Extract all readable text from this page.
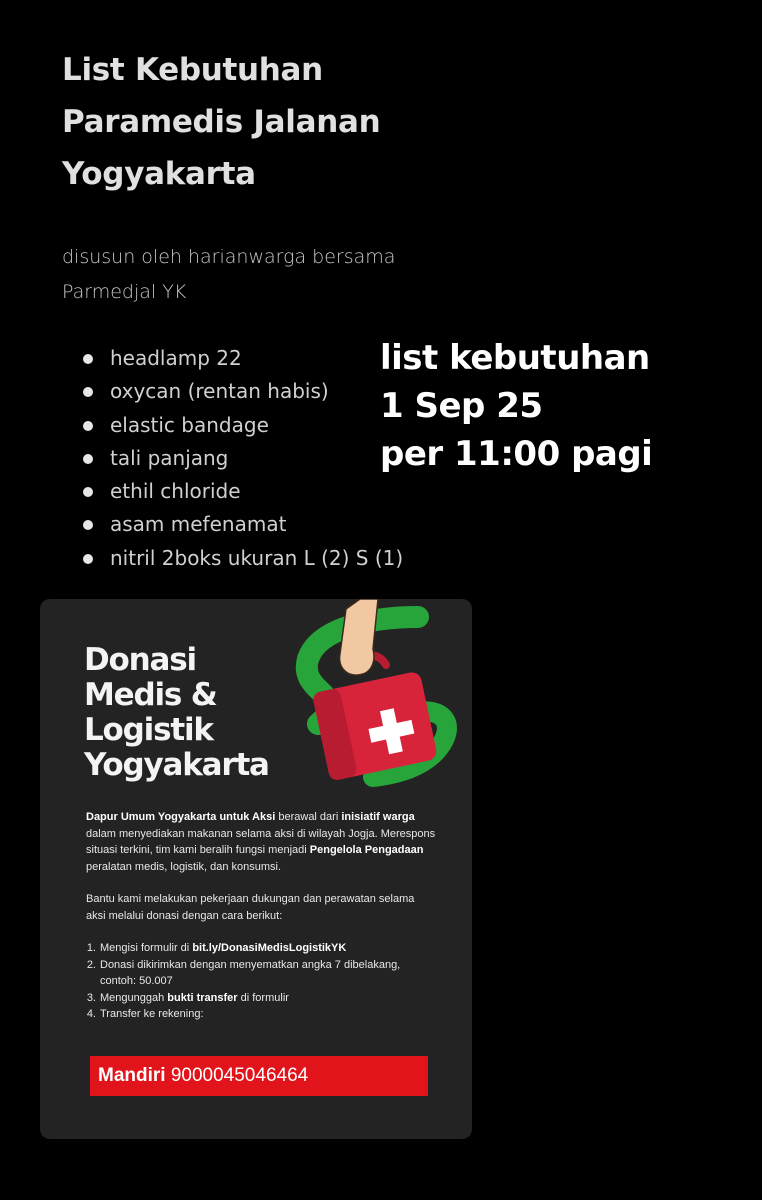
List Kebutuhan
Paramedis Jalanan
Yogyakarta
disusun oleh harianwarga bersama
Parmedjal YK
headlamp 22
oxycan (rentan habis)
elastic bandage
tali panjang
ethil chloride
asam mefenamat
nitril 2boks ukuran L (2) S (1)
list kebutuhan
1 Sep 25
per 11:00 pagi
Donasi
Medis &
Logistik
Yogyakarta

Dapur Umum Yogyakarta untuk Aksi berawal dari inisiatif warga dalam menyediakan makanan selama aksi di wilayah Jogja. Merespons situasi terkini, tim kami beralih fungsi menjadi Pengelola Pengadaan peralatan medis, logistik, dan konsumsi.

Bantu kami melakukan pekerjaan dukungan dan perawatan selama aksi melalui donasi dengan cara berikut:

1. Mengisi formulir di bit.ly/DonasiMedisLogistikYK
2. Donasi dikirimkan dengan menyematkan angka 7 dibelakang, contoh: 50.007
3. Mengunggah bukti transfer di formulir
4. Transfer ke rekening:
Mandiri 9000045046464
